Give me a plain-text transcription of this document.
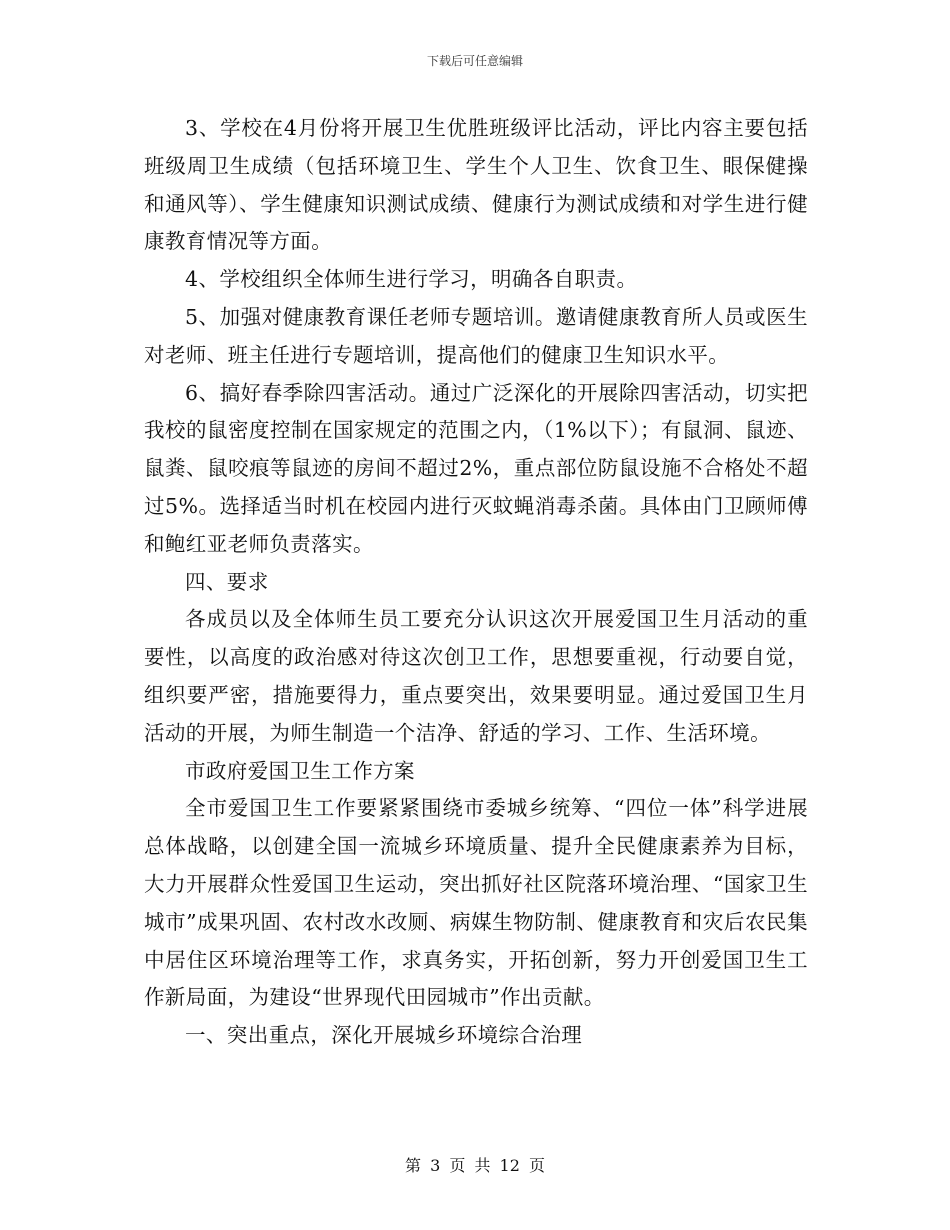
下载后可任意编辑

3、学校在4月份将开展卫生优胜班级评比活动，评比内容主要包括班级周卫生成绩（包括环境卫生、学生个人卫生、饮食卫生、眼保健操和通风等）、学生健康知识测试成绩、健康行为测试成绩和对学生进行健康教育情况等方面。

4、学校组织全体师生进行学习，明确各自职责。

5、加强对健康教育课任老师专题培训。邀请健康教育所人员或医生对老师、班主任进行专题培训，提高他们的健康卫生知识水平。

6、搞好春季除四害活动。通过广泛深化的开展除四害活动，切实把我校的鼠密度控制在国家规定的范围之内，（1%以下）；有鼠洞、鼠迹、鼠粪、鼠咬痕等鼠迹的房间不超过2%，重点部位防鼠设施不合格处不超过5%。选择适当时机在校园内进行灭蚊蝇消毒杀菌。具体由门卫顾师傅和鲍红亚老师负责落实。

四、要求

各成员以及全体师生员工要充分认识这次开展爱国卫生月活动的重要性，以高度的政治感对待这次创卫工作，思想要重视，行动要自觉，组织要严密，措施要得力，重点要突出，效果要明显。通过爱国卫生月活动的开展，为师生制造一个洁净、舒适的学习、工作、生活环境。

市政府爱国卫生工作方案

全市爱国卫生工作要紧紧围绕市委城乡统筹、“四位一体”科学进展总体战略，以创建全国一流城乡环境质量、提升全民健康素养为目标，大力开展群众性爱国卫生运动，突出抓好社区院落环境治理、“国家卫生城市”成果巩固、农村改水改厕、病媒生物防制、健康教育和灾后农民集中居住区环境治理等工作，求真务实，开拓创新，努力开创爱国卫生工作新局面，为建设“世界现代田园城市”作出贡献。

一、突出重点，深化开展城乡环境综合治理

第 3 页 共 12 页
